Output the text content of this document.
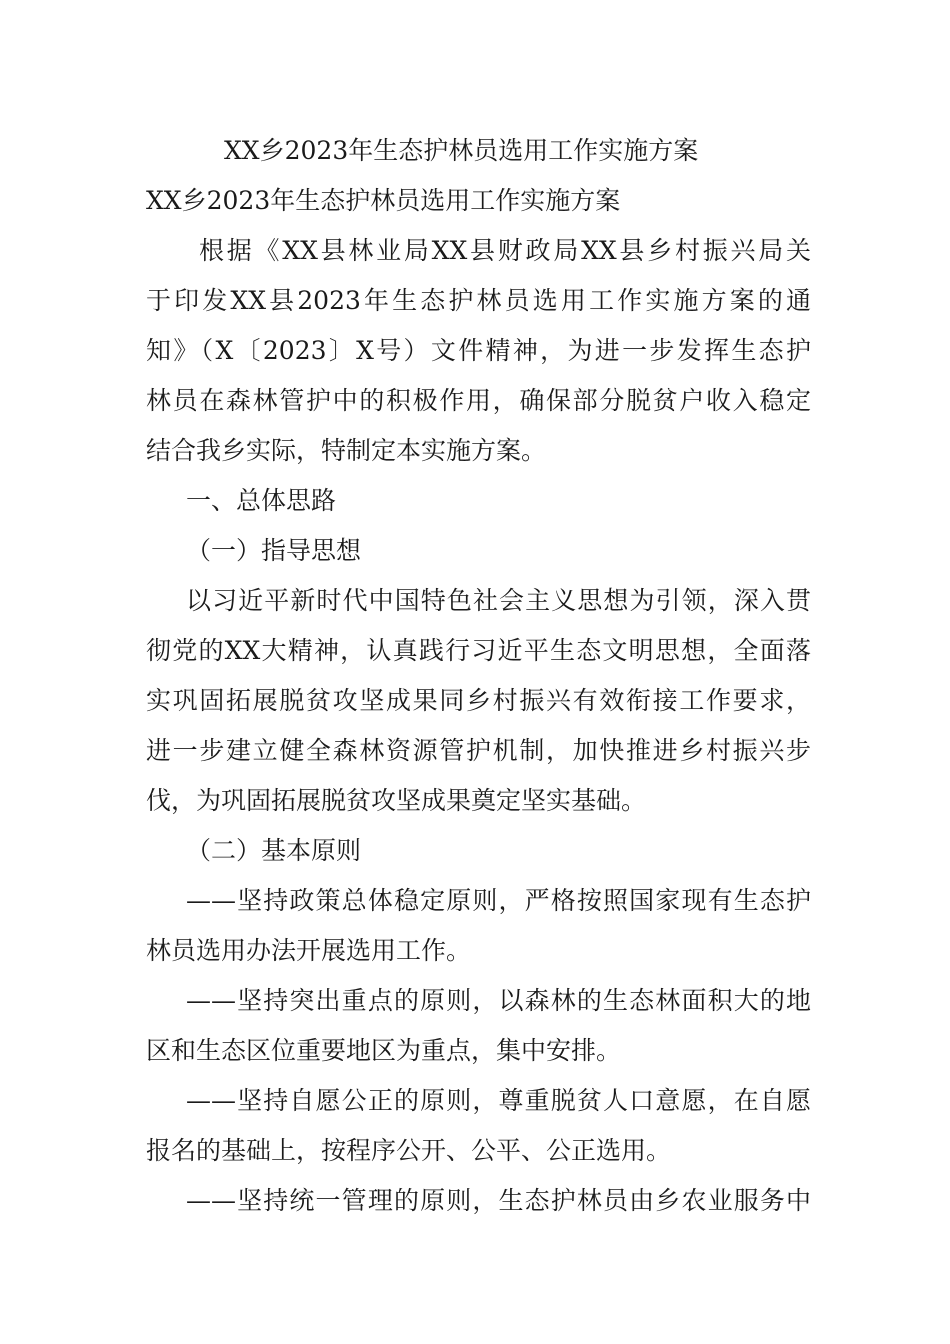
XX乡2023年生态护林员选用工作实施方案
XX乡2023年生态护林员选用工作实施方案
根据《XX县林业局XX县财政局XX县乡村振兴局关
于印发XX县2023年生态护林员选用工作实施方案的通
知》（X〔2023〕X号）文件精神，为进一步发挥生态护
林员在森林管护中的积极作用，确保部分脱贫户收入稳定
结合我乡实际，特制定本实施方案。
一、总体思路
（一）指导思想
以习近平新时代中国特色社会主义思想为引领，深入贯
彻党的XX大精神，认真践行习近平生态文明思想，全面落
实巩固拓展脱贫攻坚成果同乡村振兴有效衔接工作要求，
进一步建立健全森林资源管护机制，加快推进乡村振兴步
伐，为巩固拓展脱贫攻坚成果奠定坚实基础。
（二）基本原则
——坚持政策总体稳定原则，严格按照国家现有生态护
林员选用办法开展选用工作。
——坚持突出重点的原则，以森林的生态林面积大的地
区和生态区位重要地区为重点，集中安排。
——坚持自愿公正的原则，尊重脱贫人口意愿，在自愿
报名的基础上，按程序公开、公平、公正选用。
——坚持统一管理的原则，生态护林员由乡农业服务中
